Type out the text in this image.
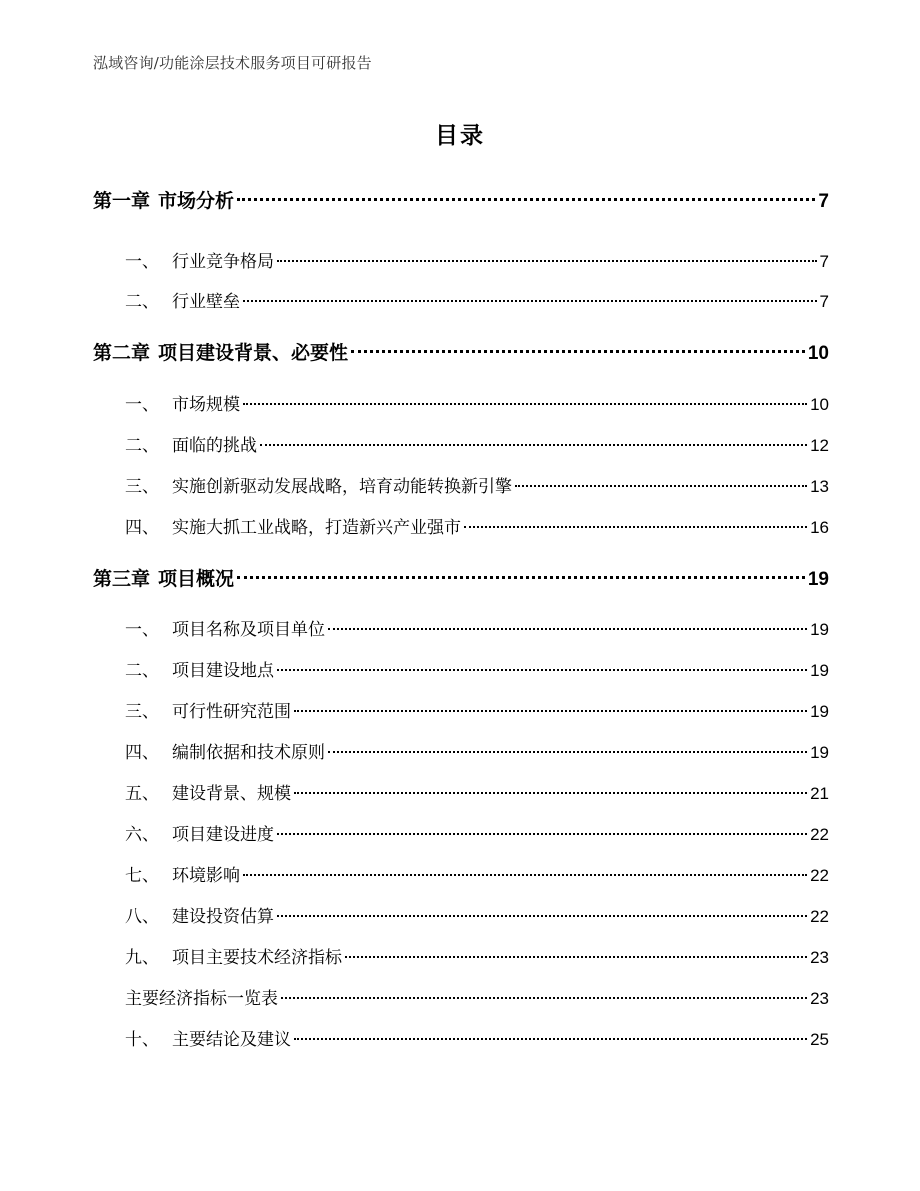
泓域咨询/功能涂层技术服务项目可研报告
目录
第一章 市场分析	7
一、 行业竞争格局	7
二、 行业壁垒	7
第二章 项目建设背景、必要性	10
一、 市场规模	10
二、 面临的挑战	12
三、 实施创新驱动发展战略，培育动能转换新引擎	13
四、 实施大抓工业战略，打造新兴产业强市	16
第三章 项目概况	19
一、 项目名称及项目单位	19
二、 项目建设地点	19
三、 可行性研究范围	19
四、 编制依据和技术原则	19
五、 建设背景、规模	21
六、 项目建设进度	22
七、 环境影响	22
八、 建设投资估算	22
九、 项目主要技术经济指标	23
主要经济指标一览表	23
十、 主要结论及建议	25
